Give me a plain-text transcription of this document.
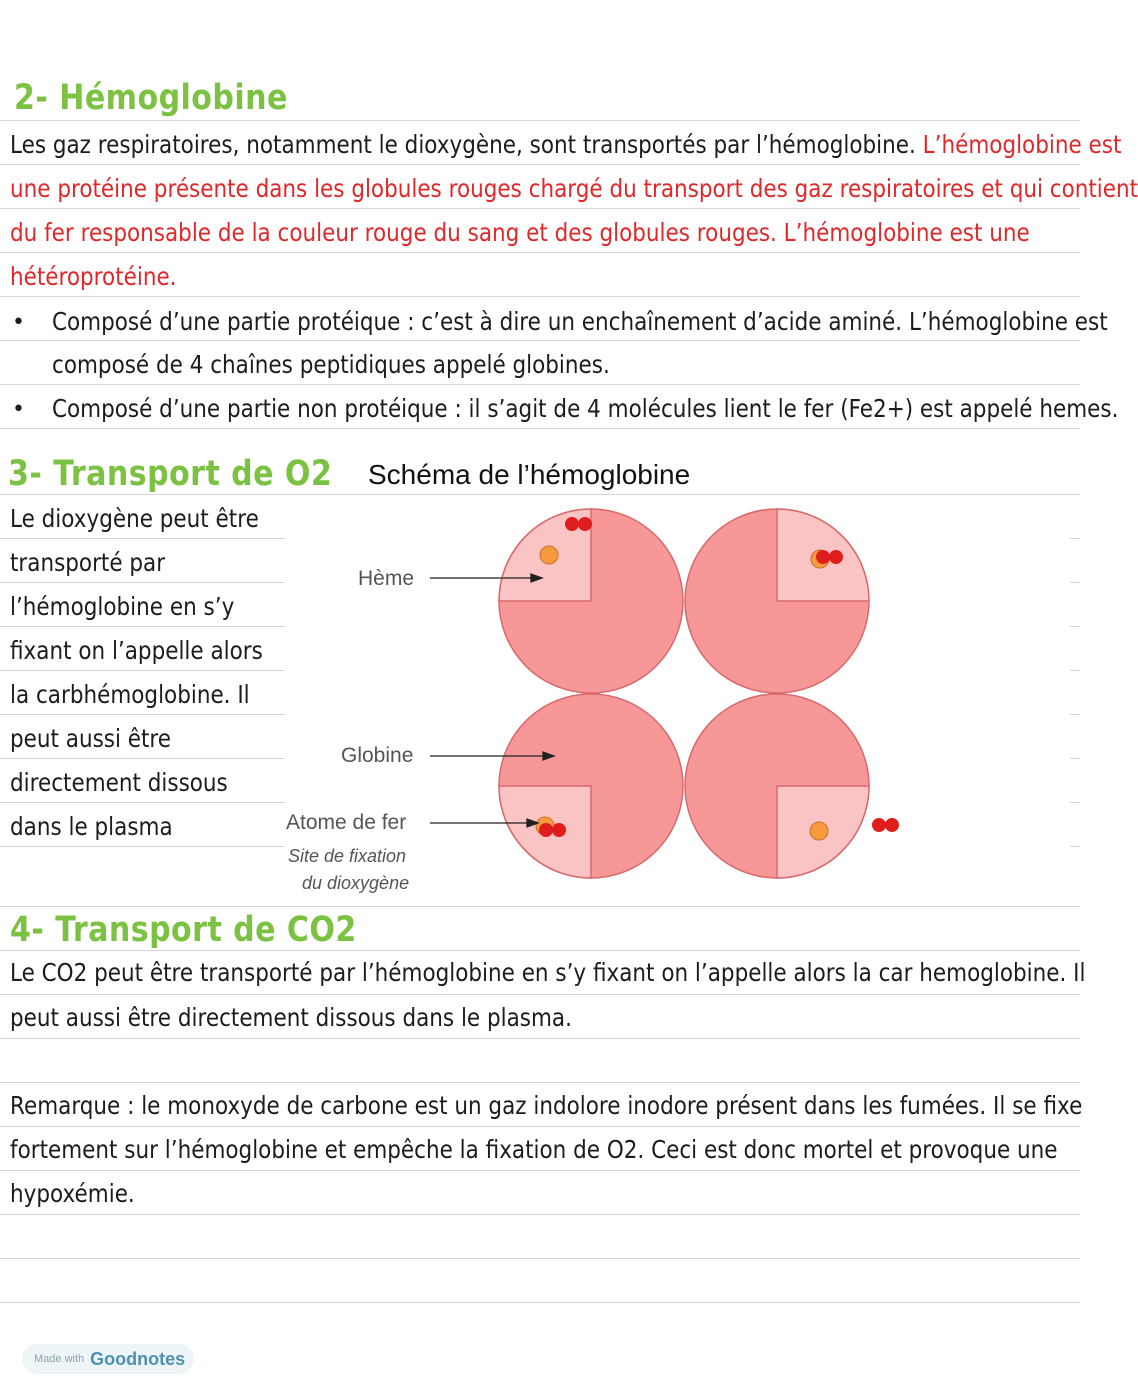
2- Hémoglobine
Les gaz respiratoires, notamment le dioxygène, sont transportés par l’hémoglobine. L’hémoglobine est
une protéine présente dans les globules rouges chargé du transport des gaz respiratoires et qui contient
du fer responsable de la couleur rouge du sang et des globules rouges. L’hémoglobine est une
hétéroprotéine.
• Composé d’une partie protéique : c’est à dire un enchaînement d’acide aminé. L’hémoglobine est
composé de 4 chaînes peptidiques appelé globines.
• Composé d’une partie non protéique : il s’agit de 4 molécules lient le fer (Fe2+) est appelé hemes.
3- Transport de O2
Le dioxygène peut être
transporté par
l’hémoglobine en s’y
fixant on l’appelle alors
la carbhémoglobine. Il
peut aussi être
directement dissous
dans le plasma
Schéma de l’hémoglobine
Hème
Globine
Atome de fer
Site de fixation
du dioxygène
4- Transport de CO2
Le CO2 peut être transporté par l’hémoglobine en s’y fixant on l’appelle alors la car hemoglobine. Il
peut aussi être directement dissous dans le plasma.
Remarque : le monoxyde de carbone est un gaz indolore inodore présent dans les fumées. Il se fixe
fortement sur l’hémoglobine et empêche la fixation de O2. Ceci est donc mortel et provoque une
hypoxémie.
Made with Goodnotes
